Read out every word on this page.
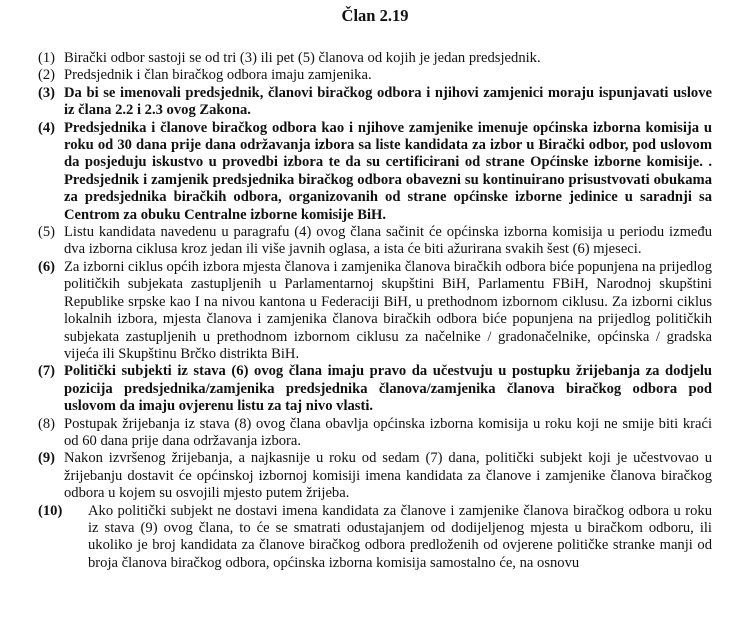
Član 2.19
(1) Birački odbor sastoji se od tri (3) ili pet (5) članova od kojih je jedan predsjednik.
(2) Predsjednik i član biračkog odbora imaju zamjenika.
(3) Da bi se imenovali predsjednik, članovi biračkog odbora i njihovi zamjenici moraju ispunjavati uslove iz člana 2.2 i 2.3 ovog Zakona.
(4) Predsjednika i članove biračkog odbora kao i njihove zamjenike imenuje općinska izborna komisija u roku od 30 dana prije dana održavanja izbora sa liste kandidata za izbor u Birački odbor, pod uslovom da posjeduju iskustvo u provedbi izbora te da su certificirani od strane Općinske izborne komisije. . Predsjednik i zamjenik predsjednika biračkog odbora obavezni su kontinuirano prisustvovati obukama za predsjednika biračkih odbora, organizovanih od strane općinske izborne jedinice u saradnji sa Centrom za obuku Centralne izborne komisije BiH.
(5) Listu kandidata navedenu u paragrafu (4) ovog člana sačinit će općinska izborna komisija u periodu između dva izborna ciklusa kroz jedan ili više javnih oglasa, a ista će biti ažurirana svakih šest (6) mjeseci.
(6) Za izborni ciklus općih izbora mjesta članova i zamjenika članova biračkih odbora biće popunjena na prijedlog političkih subjekata zastupljenih u Parlamentarnoj skupštini BiH, Parlamentu FBiH, Narodnoj skupštini Republike srpske kao I na nivou kantona u Federaciji BiH, u prethodnom izbornom ciklusu. Za izborni ciklus lokalnih izbora, mjesta članova i zamjenika članova biračkih odbora biće popunjena na prijedlog političkih subjekata zastupljenih u prethodnom izbornom ciklusu za načelnike / gradonačelnike, općinska / gradska vijeća ili Skupštinu Brčko distrikta BiH.
(7) Politički subjekti iz stava (6) ovog člana imaju pravo da učestvuju u postupku žrijebanja za dodjelu pozicija predsjednika/zamjenika predsjednika članova/zamjenika članova biračkog odbora pod uslovom da imaju ovjerenu listu za taj nivo vlasti.
(8) Postupak žrijebanja iz stava (8) ovog člana obavlja općinska izborna komisija u roku koji ne smije biti kraći od 60 dana prije dana održavanja izbora.
(9) Nakon izvršenog žrijebanja, a najkasnije u roku od sedam (7) dana, politički subjekt koji je učestvovao u žrijebanju dostavit će općinskoj izbornoj komisiji imena kandidata za članove i zamjenike članova biračkog odbora u kojem su osvojili mjesto putem žrijeba.
(10)	Ako politički subjekt ne dostavi imena kandidata za članove i zamjenike članova biračkog odbora u roku iz stava (9) ovog člana, to će se smatrati odustajanjem od dodijeljenog mjesta u biračkom odboru, ili ukoliko je broj kandidata za članove biračkog odbora predloženih od ovjerene političke stranke manji od broja članova biračkog odbora, općinska izborna komisija samostalno će, na osnovu
